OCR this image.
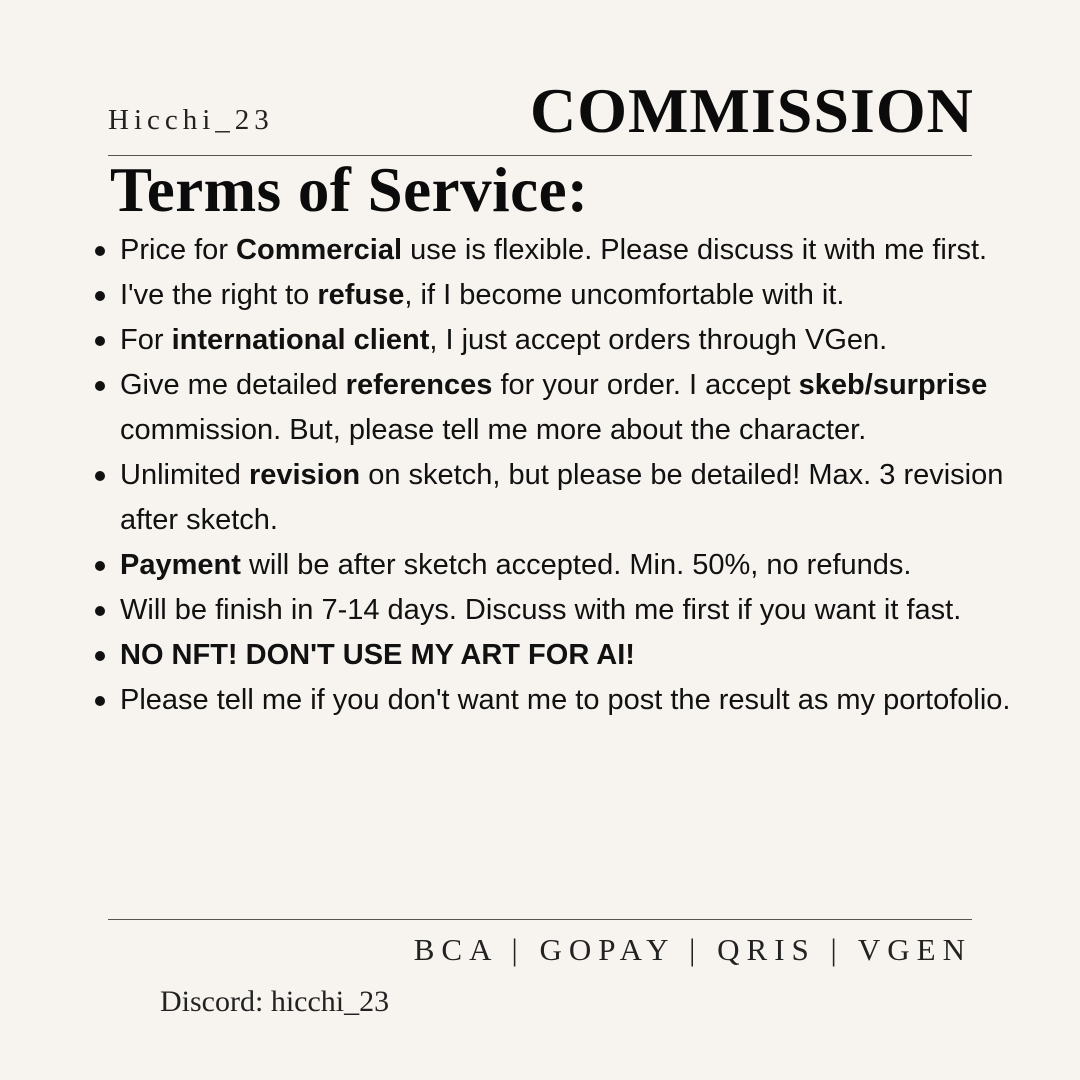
Hicchi_23	COMMISSION
Terms of Service:
Price for Commercial use is flexible. Please discuss it with me first.
I've the right to refuse, if I become uncomfortable with it.
For international client, I just accept orders through VGen.
Give me detailed references for your order. I accept skeb/surprise commission. But, please tell me more about the character.
Unlimited revision on sketch, but please be detailed! Max. 3 revision after sketch.
Payment will be after sketch accepted. Min. 50%, no refunds.
Will be finish in 7-14 days. Discuss with me first if you want it fast.
NO NFT! DON'T USE MY ART FOR AI!
Please tell me if you don't want me to post the result as my portofolio.
BCA | GOPAY | QRIS | VGEN
Discord: hicchi_23
